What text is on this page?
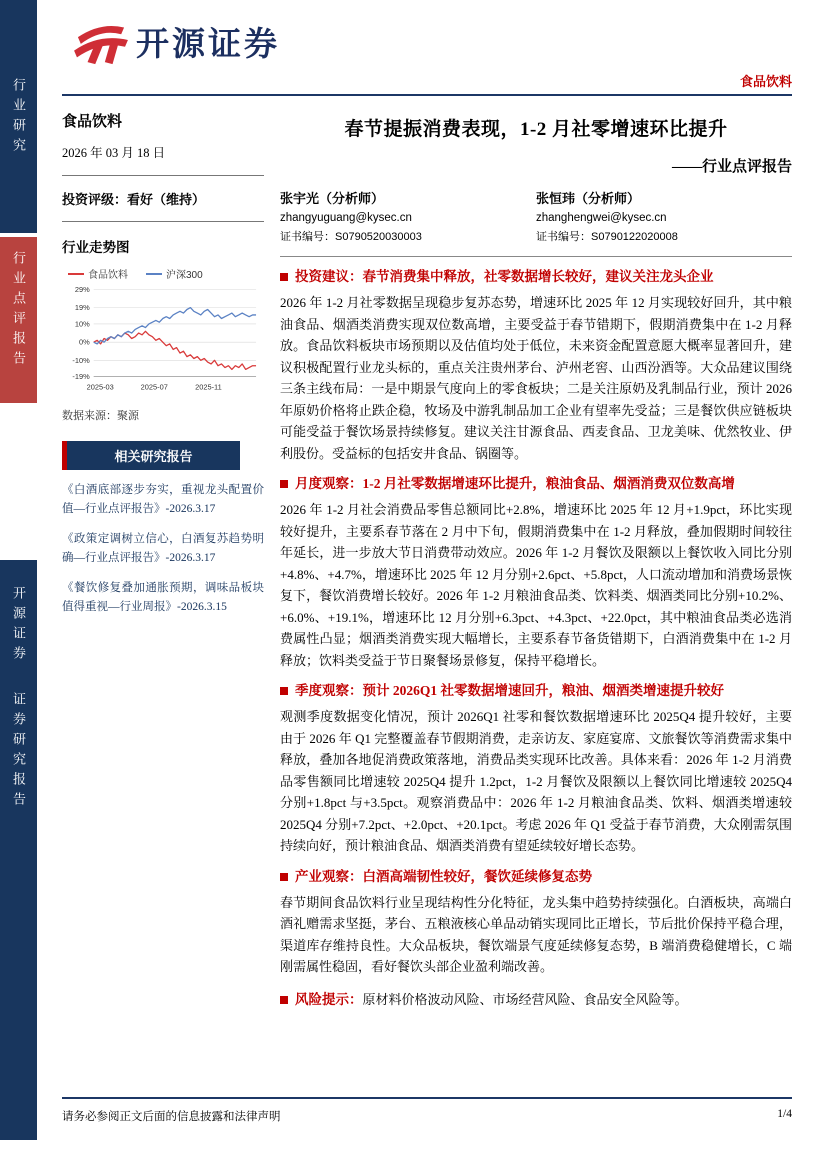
行业研究
行业点评报告
开源证券证券研究报告
开源证券
食品饮料
食品饮料
2026 年 03 月 18 日
投资评级：看好（维持）
行业走势图
食品饮料	沪深300
29%
19%
10%
0%
-10%
-19%
2025-03	2025-07	2025-11
数据来源：聚源
相关研究报告
《白酒底部逐步夯实，重视龙头配置价值—行业点评报告》-2026.3.17
《政策定调树立信心，白酒复苏趋势明确—行业点评报告》-2026.3.17
《餐饮修复叠加通胀预期，调味品板块值得重视—行业周报》-2026.3.15
春节提振消费表现，1-2 月社零增速环比提升
——行业点评报告
张宇光（分析师）
zhangyuguang@kysec.cn
证书编号：S0790520030003
张恒玮（分析师）
zhanghengwei@kysec.cn
证书编号：S0790122020008
投资建议：春节消费集中释放，社零数据增长较好，建议关注龙头企业
2026 年 1-2 月社零数据呈现稳步复苏态势，增速环比 2025 年 12 月实现较好回升，其中粮油食品、烟酒类消费实现双位数高增，主要受益于春节错期下，假期消费集中在 1-2 月释放。食品饮料板块市场预期以及估值均处于低位，未来资金配置意愿大概率显著回升，建议积极配置行业龙头标的，重点关注贵州茅台、泸州老窖、山西汾酒等。大众品建议围绕三条主线布局：一是中期景气度向上的零食板块；二是关注原奶及乳制品行业，预计 2026 年原奶价格将止跌企稳，牧场及中游乳制品加工企业有望率先受益；三是餐饮供应链板块可能受益于餐饮场景持续修复。建议关注甘源食品、西麦食品、卫龙美味、优然牧业、伊利股份。受益标的包括安井食品、锅圈等。
月度观察：1-2 月社零数据增速环比提升，粮油食品、烟酒消费双位数高增
2026 年 1-2 月社会消费品零售总额同比+2.8%，增速环比 2025 年 12 月+1.9pct，环比实现较好提升，主要系春节落在 2 月中下旬，假期消费集中在 1-2 月释放，叠加假期时间较往年延长，进一步放大节日消费带动效应。2026 年 1-2 月餐饮及限额以上餐饮收入同比分别+4.8%、+4.7%，增速环比 2025 年 12 月分别+2.6pct、+5.8pct，人口流动增加和消费场景恢复下，餐饮消费增长较好。2026 年 1-2 月粮油食品类、饮料类、烟酒类同比分别+10.2%、+6.0%、+19.1%，增速环比 12 月分别+6.3pct、+4.3pct、+22.0pct，其中粮油食品类必选消费属性凸显；烟酒类消费实现大幅增长，主要系春节备货错期下，白酒消费集中在 1-2 月释放；饮料类受益于节日聚餐场景修复，保持平稳增长。
季度观察：预计 2026Q1 社零数据增速回升，粮油、烟酒类增速提升较好
观测季度数据变化情况，预计 2026Q1 社零和餐饮数据增速环比 2025Q4 提升较好，主要由于 2026 年 Q1 完整覆盖春节假期消费，走亲访友、家庭宴席、文旅餐饮等消费需求集中释放，叠加各地促消费政策落地，消费品类实现环比改善。具体来看：2026 年 1-2 月消费品零售额同比增速较 2025Q4 提升 1.2pct，1-2 月餐饮及限额以上餐饮同比增速较 2025Q4 分别+1.8pct 与+3.5pct。观察消费品中：2026 年 1-2 月粮油食品类、饮料、烟酒类增速较 2025Q4 分别+7.2pct、+2.0pct、+20.1pct。考虑 2026 年 Q1 受益于春节消费，大众刚需氛围持续向好，预计粮油食品、烟酒类消费有望延续较好增长态势。
产业观察：白酒高端韧性较好，餐饮延续修复态势
春节期间食品饮料行业呈现结构性分化特征，龙头集中趋势持续强化。白酒板块，高端白酒礼赠需求坚挺，茅台、五粮液核心单品动销实现同比正增长，节后批价保持平稳合理，渠道库存维持良性。大众品板块，餐饮端景气度延续修复态势，B 端消费稳健增长，C 端刚需属性稳固，看好餐饮头部企业盈利端改善。
风险提示： 原材料价格波动风险、市场经营风险、食品安全风险等。
请务必参阅正文后面的信息披露和法律声明	1/4
